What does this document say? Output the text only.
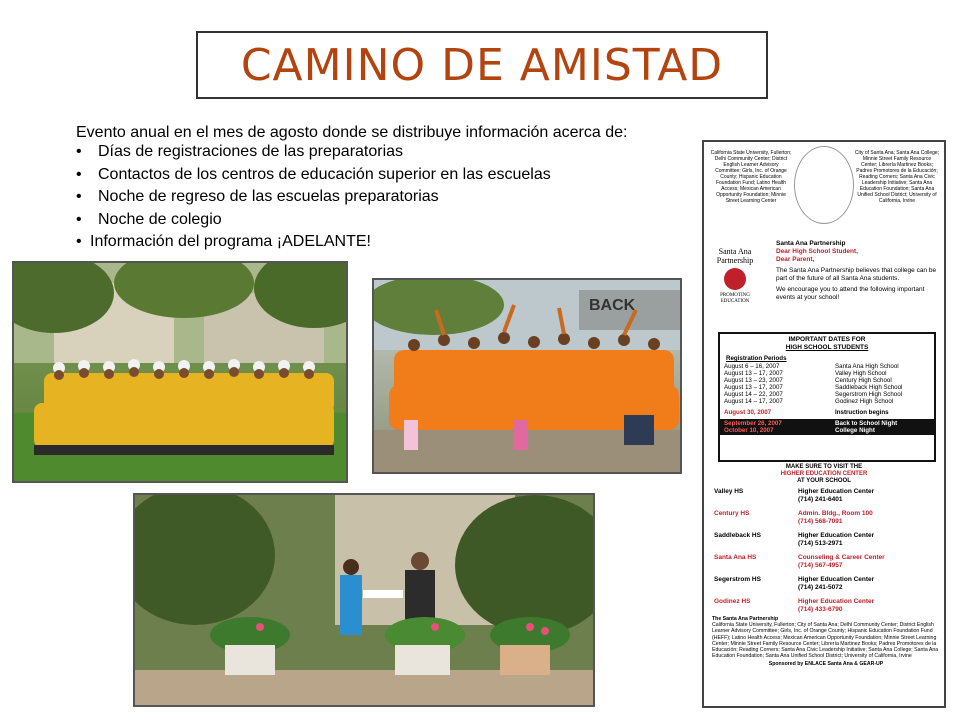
CAMINO DE AMISTAD

Evento anual en el mes de agosto donde se distribuye información acerca de:

•	Días de registraciones de las preparatorias
•	Contactos de los centros de educación superior en las escuelas
•	Noche de regreso de las escuelas preparatorias
•	Noche de colegio
• Información del programa ¡ADELANTE!
BACK
California State University, Fullerton; Delhi Community Center; District English Learner Advisory Committee; Girls, Inc. of Orange County; Hispanic Education Foundation Fund; Latino Health Access; Mexican American Opportunity Foundation; Minnie Street Learning Center
City of Santa Ana; Santa Ana College; Minnie Street Family Resource Center; Librería Martinez Books; Padres Promotores de la Educación; Reading Corners; Santa Ana Civic Leadership Initiative; Santa Ana Education Foundation; Santa Ana Unified School District; University of California, Irvine
Santa Ana
Partnership
PROMOTING
EDUCATION
Santa Ana Partnership
Dear High School Student,
Dear Parent,
The Santa Ana Partnership believes that college can be part of the future of all Santa Ana students.
We encourage you to attend the following important events at your school!
IMPORTANT DATES FOR
HIGH SCHOOL STUDENTS
Registration Periods
August 6 – 16, 2007	Santa Ana High School
August 13 – 17, 2007	Valley High School
August 13 – 23, 2007	Century High School
August 13 – 17, 2007	Saddleback High School
August 14 – 22, 2007	Segerstrom High School
August 14 – 17, 2007	Godinez High School
August 30, 2007	Instruction begins
September 26, 2007	Back to School Night
October 10, 2007	College Night
MAKE SURE TO VISIT THE
HIGHER EDUCATION CENTER
AT YOUR SCHOOL
Valley HS	Higher Education Center
(714) 241-6401
Century HS	Admin. Bldg., Room 100
(714) 568-7091
Saddleback HS	Higher Education Center
(714) 513-2971
Santa Ana HS	Counseling & Career Center
(714) 567-4957
Segerstrom HS	Higher Education Center
(714) 241-5072
Godinez HS	Higher Education Center
(714) 433-6790
The Santa Ana Partnership
California State University, Fullerton; City of Santa Ana; Delhi Community Center; District English Learner Advisory Committee; Girls, Inc. of Orange County; Hispanic Education Foundation Fund (HEFF); Latino Health Access; Mexican American Opportunity Foundation; Minnie Street Learning Center; Minnie Street Family Resource Center; Librería Martinez Books; Padres Promotores de la Educación; Reading Corners; Santa Ana Civic Leadership Initiative; Santa Ana College; Santa Ana Education Foundation; Santa Ana Unified School District; University of California, Irvine
Sponsored by ENLACE Santa Ana & GEAR-UP
